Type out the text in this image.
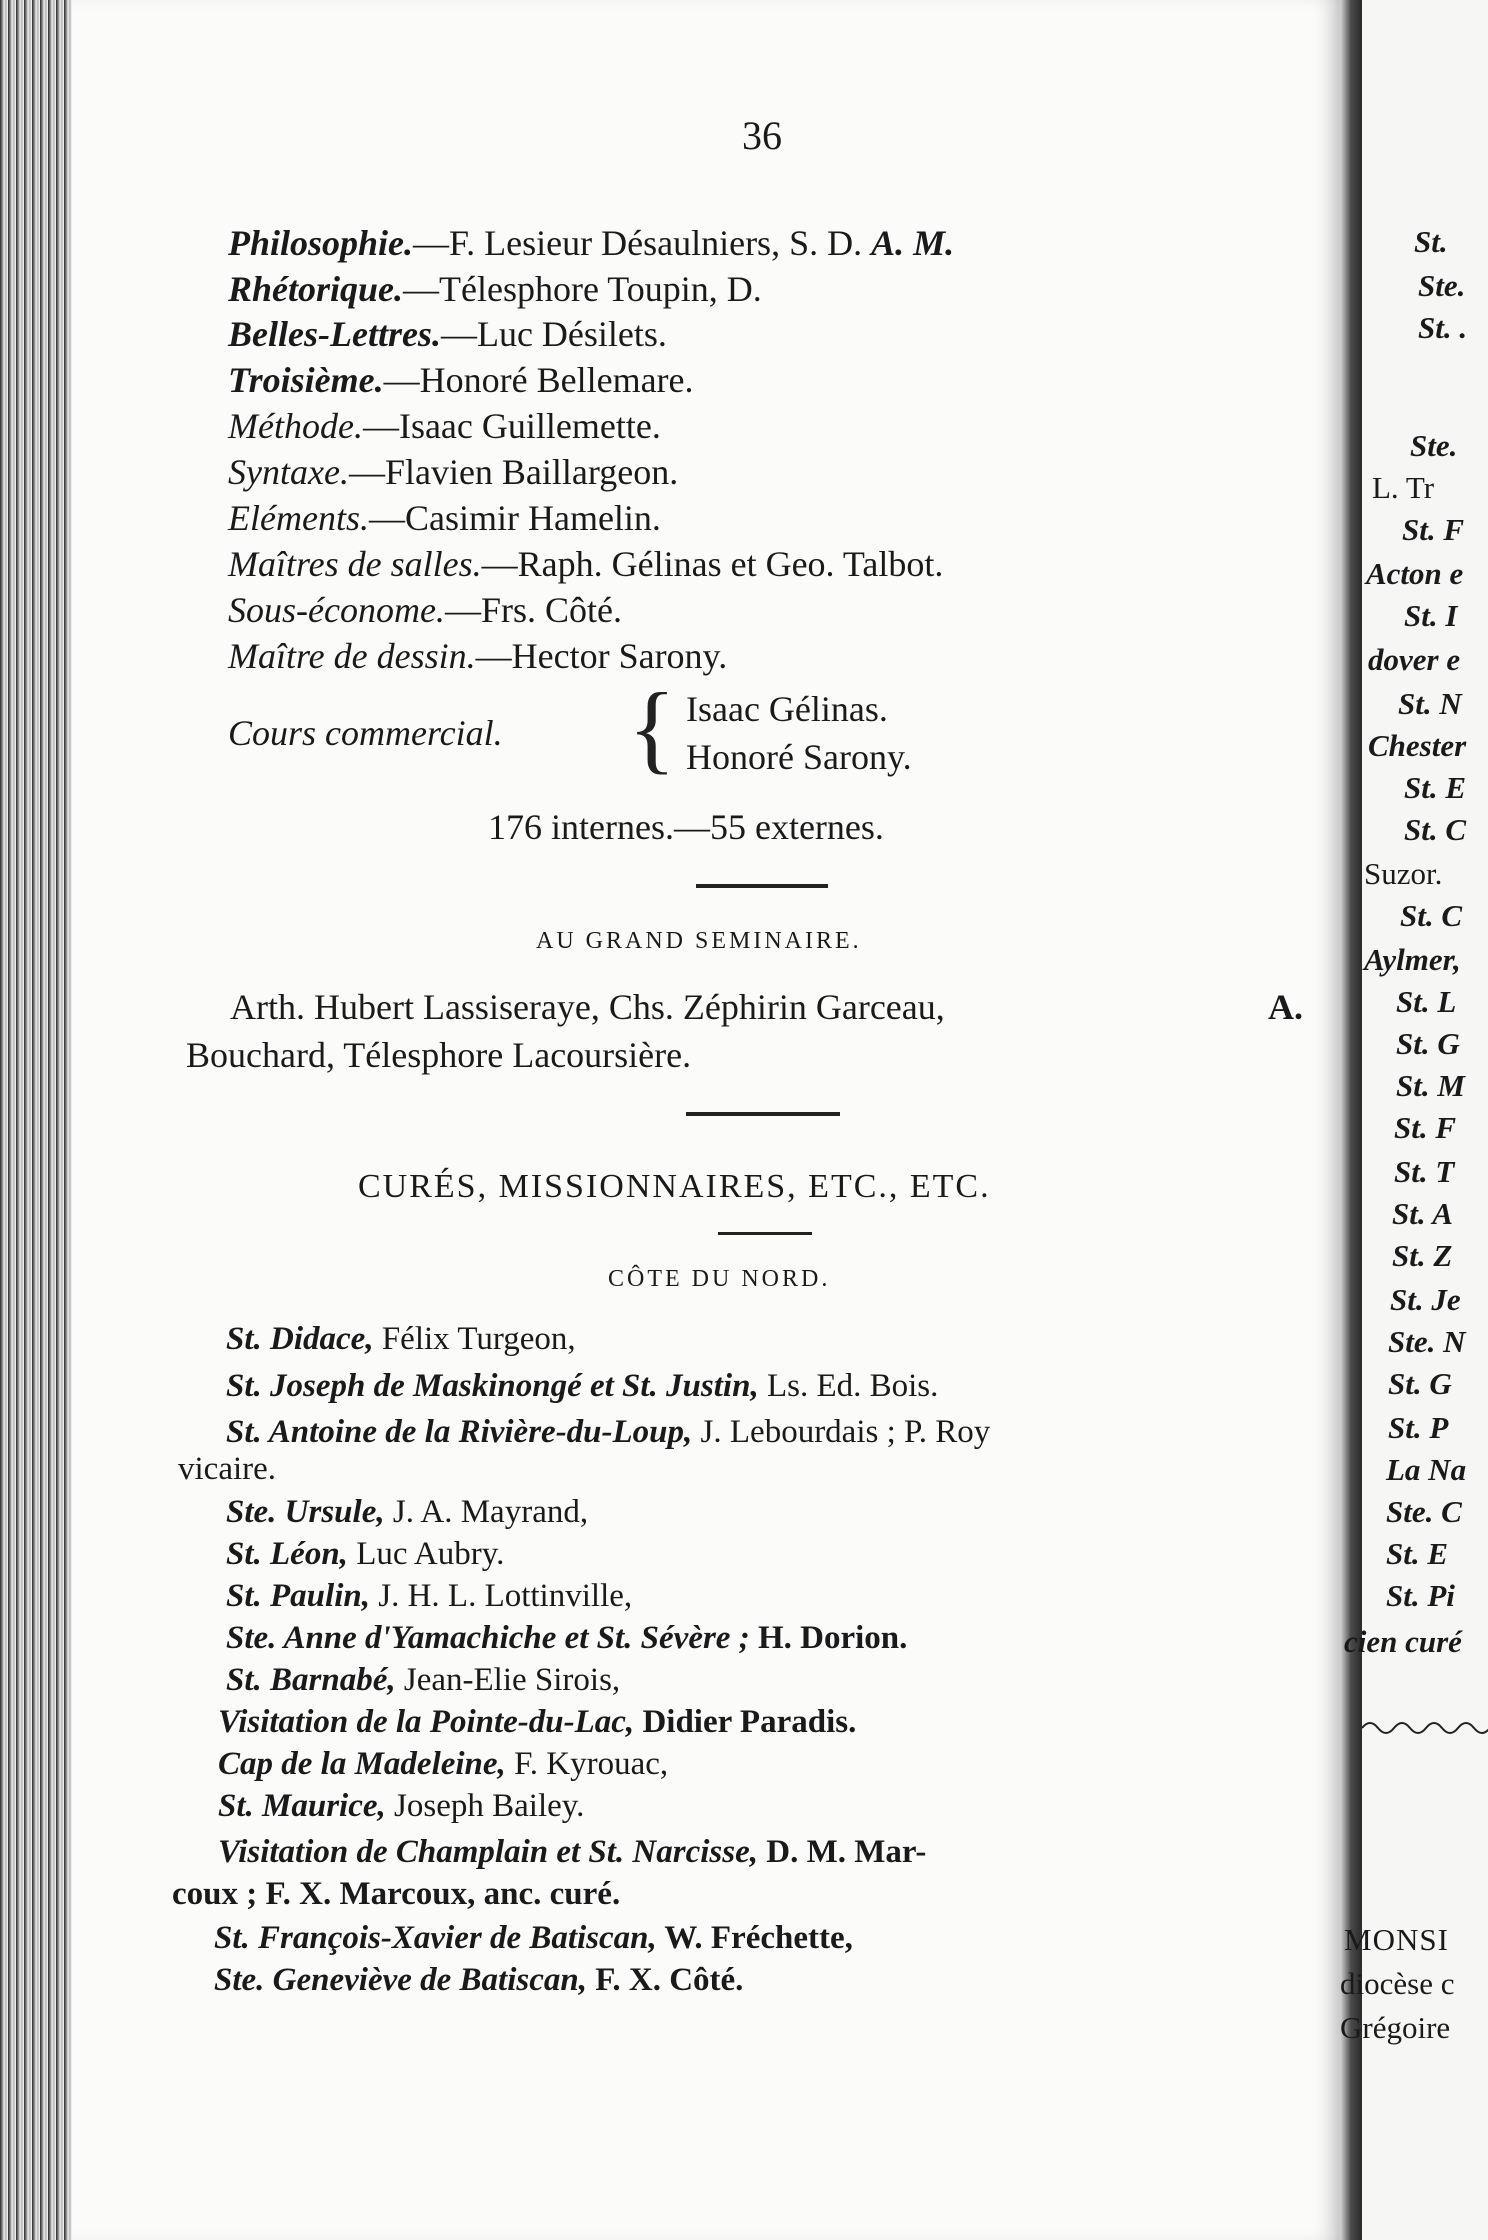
36
Philosophie.—F. Lesieur Désaulniers, S. D. A. M.
Rhétorique.—Télesphore Toupin, D.
Belles-Lettres.—Luc Désilets.
Troisième.—Honoré Bellemare.
Méthode.—Isaac Guillemette.
Syntaxe.—Flavien Baillargeon.
Eléments.—Casimir Hamelin.
Maîtres de salles.—Raph. Gélinas et Geo. Talbot.
Sous-économe.—Frs. Côté.
Maître de dessin.—Hector Sarony.
Cours commercial. { Isaac Gélinas.
Honoré Sarony.
176 internes.—55 externes.
AU GRAND SEMINAIRE.
Arth. Hubert Lassiseraye, Chs. Zéphirin Garceau,	A.
Bouchard, Télesphore Lacoursière.
CURÉS, MISSIONNAIRES, ETC., ETC.
CÔTE DU NORD.
St. Didace, Félix Turgeon,
St. Joseph de Maskinongé et St. Justin, Ls. Ed. Bois.
St. Antoine de la Rivière-du-Loup, J. Lebourdais ; P. Roy
vicaire.
Ste. Ursule, J. A. Mayrand,
St. Léon, Luc Aubry.
St. Paulin, J. H. L. Lottinville,
Ste. Anne d'Yamachiche et St. Sévère ; H. Dorion.
St. Barnabé, Jean-Elie Sirois,
Visitation de la Pointe-du-Lac, Didier Paradis.
Cap de la Madeleine, F. Kyrouac,
St. Maurice, Joseph Bailey.
Visitation de Champlain et St. Narcisse, D. M. Mar-
coux ; F. X. Marcoux, anc. curé.
St. François-Xavier de Batiscan, W. Fréchette,
Ste. Geneviève de Batiscan, F. X. Côté.
St.
Ste.
St. .
Ste.
L. Tr
St. F
Acton e
St. I
dover e
St. N
Chester
St. E
St. C
Suzor.
St. C
Aylmer,
St. L
St. G
St. M
St. F
St. T
St. A
St. Z
St. Je
Ste. N
St. G
St. P
La Na
Ste. C
St. E
St. Pi
cien curé
MONSI
diocèse c
Grégoire
